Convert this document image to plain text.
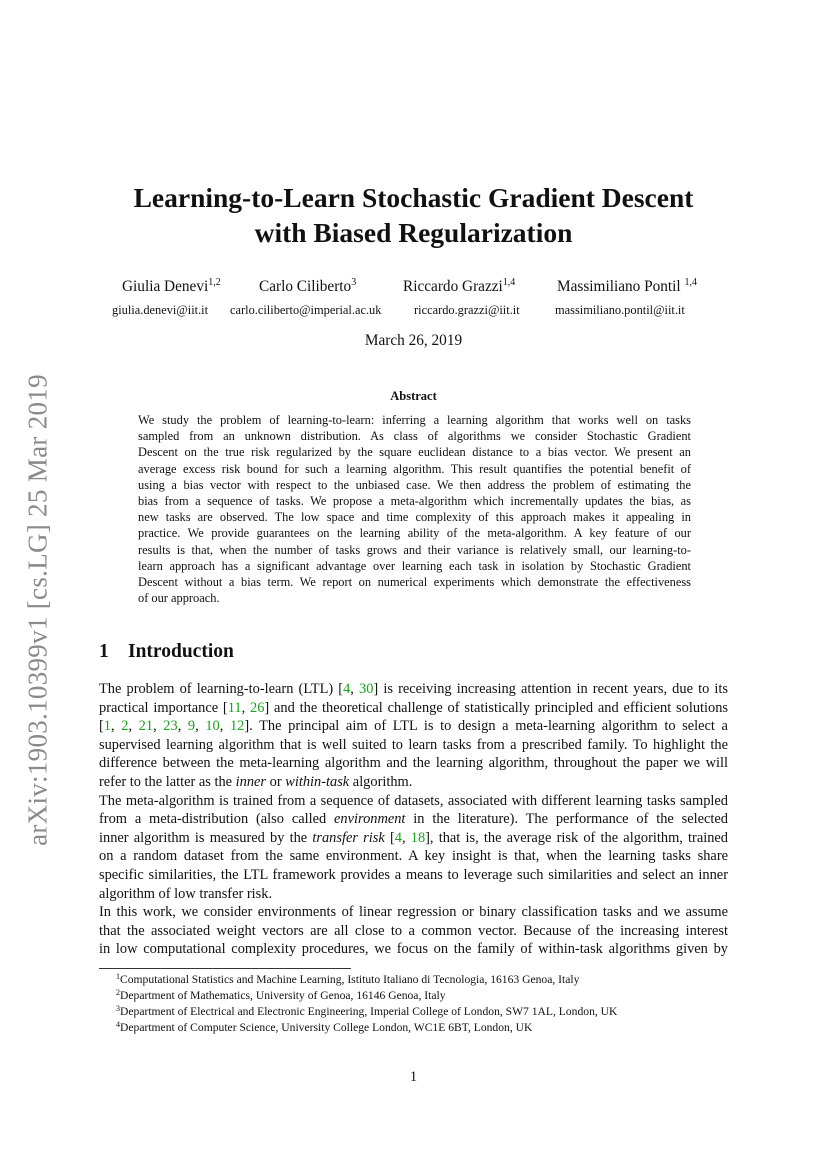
arXiv:1903.10399v1 [cs.LG] 25 Mar 2019
Learning-to-Learn Stochastic Gradient Descent
with Biased Regularization
Giulia Denevi$^{1,2}$	Carlo Ciliberto$^3$	Riccardo Grazzi$^{1,4}$	Massimiliano Pontil $^{1,4}$
giulia.denevi@iit.it carlo.ciliberto@imperial.ac.uk	riccardo.grazzi@iit.it	massimiliano.pontil@iit.it
March 26, 2019
Abstract
We study the problem of learning-to-learn: inferring a learning algorithm that works well on tasks
sampled from an unknown distribution. As class of algorithms we consider Stochastic Gradient
Descent on the true risk regularized by the square euclidean distance to a bias vector. We present an
average excess risk bound for such a learning algorithm. This result quantifies the potential benefit of
using a bias vector with respect to the unbiased case. We then address the problem of estimating the
bias from a sequence of tasks. We propose a meta-algorithm which incrementally updates the bias, as
new tasks are observed. The low space and time complexity of this approach makes it appealing in
practice. We provide guarantees on the learning ability of the meta-algorithm. A key feature of our
results is that, when the number of tasks grows and their variance is relatively small, our learning-to-
learn approach has a significant advantage over learning each task in isolation by Stochastic Gradient
Descent without a bias term. We report on numerical experiments which demonstrate the effectiveness
of our approach.
1 Introduction
The problem of learning-to-learn (LTL) [4, 30] is receiving increasing attention in recent years, due to its
practical importance [11, 26] and the theoretical challenge of statistically principled and efficient solutions
[1, 2, 21, 23, 9, 10, 12]. The principal aim of LTL is to design a meta-learning algorithm to select a
supervised learning algorithm that is well suited to learn tasks from a prescribed family. To highlight the
difference between the meta-learning algorithm and the learning algorithm, throughout the paper we will
refer to the latter as the inner or within-task algorithm.
The meta-algorithm is trained from a sequence of datasets, associated with different learning tasks sampled
from a meta-distribution (also called environment in the literature). The performance of the selected
inner algorithm is measured by the transfer risk [4, 18], that is, the average risk of the algorithm, trained
on a random dataset from the same environment. A key insight is that, when the learning tasks share
specific similarities, the LTL framework provides a means to leverage such similarities and select an inner
algorithm of low transfer risk.
In this work, we consider environments of linear regression or binary classification tasks and we assume
that the associated weight vectors are all close to a common vector. Because of the increasing interest
in low computational complexity procedures, we focus on the family of within-task algorithms given by
$^1$Computational Statistics and Machine Learning, Istituto Italiano di Tecnologia, 16163 Genoa, Italy
$^2$Department of Mathematics, University of Genoa, 16146 Genoa, Italy
$^3$Department of Electrical and Electronic Engineering, Imperial College of London, SW7 1AL, London, UK
$^4$Department of Computer Science, University College London, WC1E 6BT, London, UK
1
